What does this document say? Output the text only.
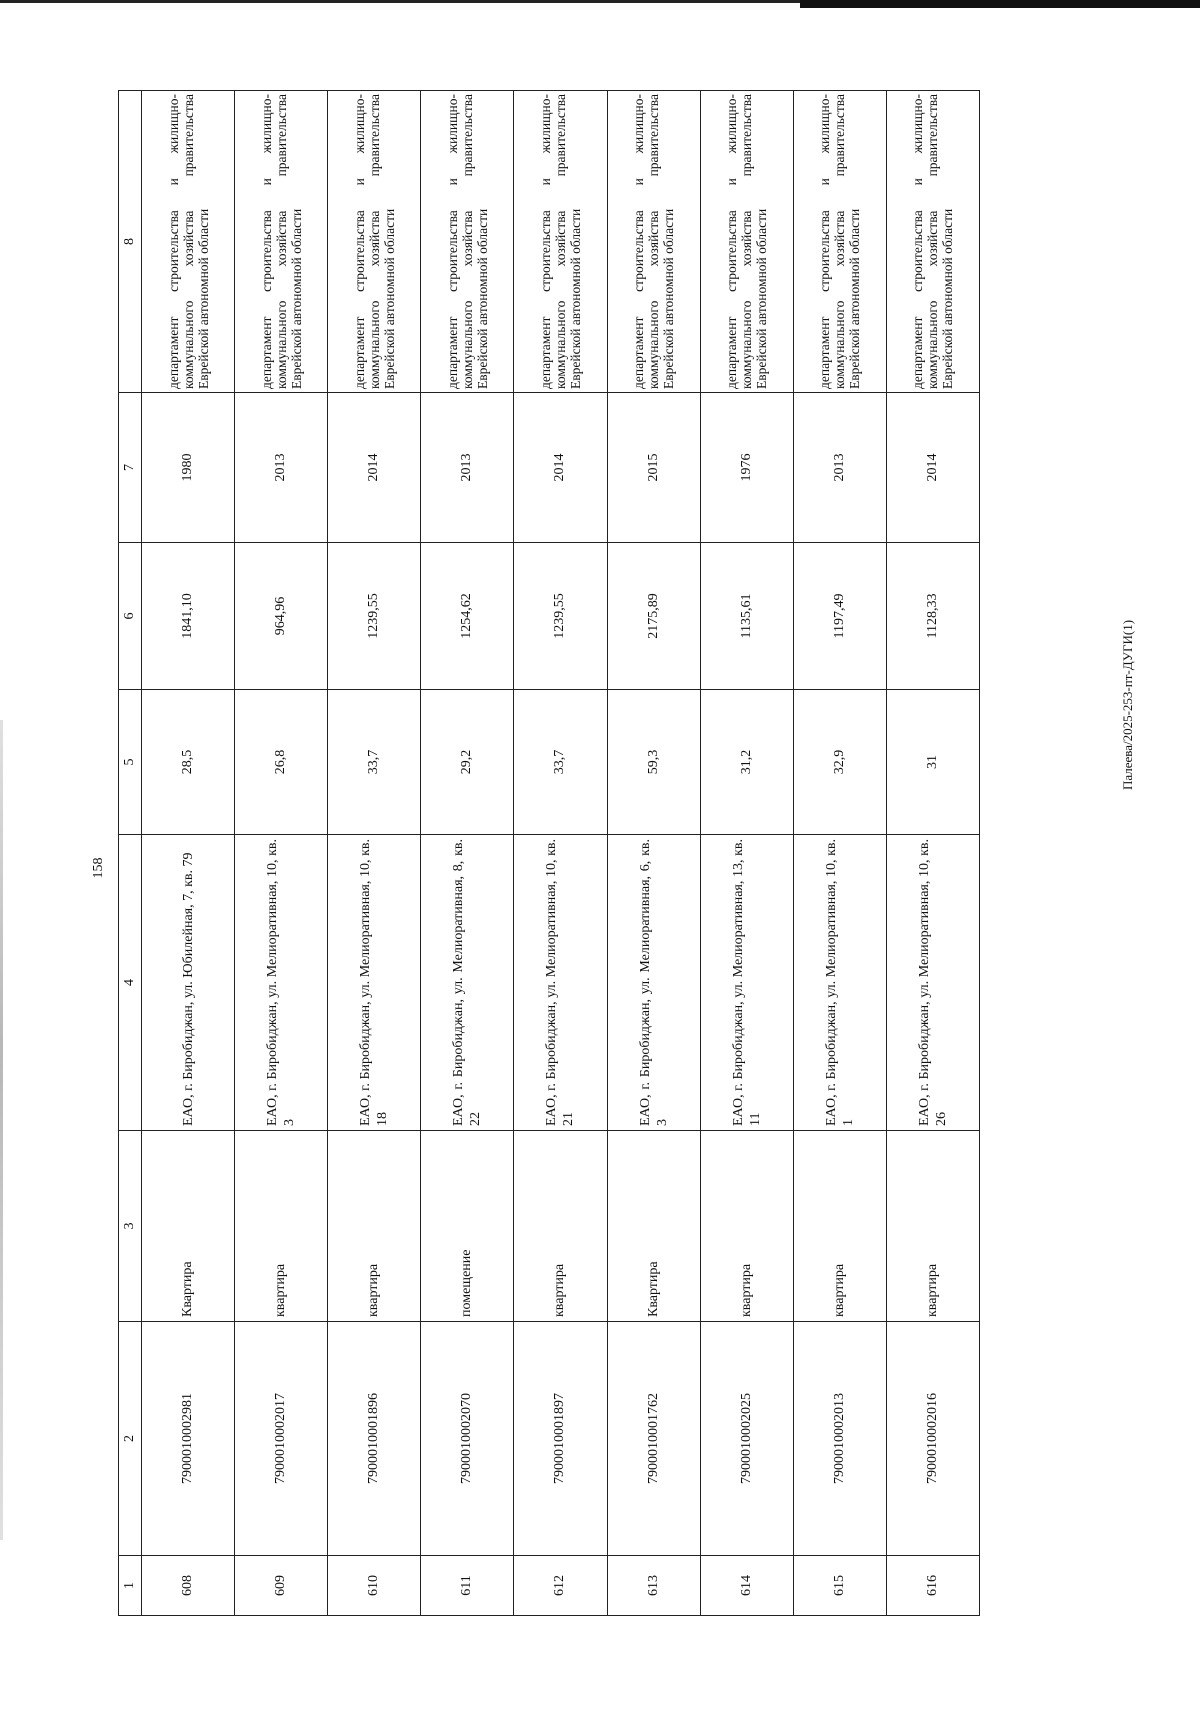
158
Палеева/2025-253-пт-ДУГИ(1)
1	2	3	4	5	6	7	8
608	7900010002981	Квартира	ЕАО, г. Биробиджан, ул. Юбилейная, 7, кв. 79	28,5	1841,10	1980	департамент строительства и жилищно-коммунального хозяйства правительства Еврейской автономной области
609	7900010002017	квартира	ЕАО, г. Биробиджан, ул. Мелиоративная, 10, кв. 3	26,8	964,96	2013	департамент строительства и жилищно-коммунального хозяйства правительства Еврейской автономной области
610	7900010001896	квартира	ЕАО, г. Биробиджан, ул. Мелиоративная, 10, кв. 18	33,7	1239,55	2014	департамент строительства и жилищно-коммунального хозяйства правительства Еврейской автономной области
611	7900010002070	помещение	ЕАО, г. Биробиджан, ул. Мелиоративная, 8, кв. 22	29,2	1254,62	2013	департамент строительства и жилищно-коммунального хозяйства правительства Еврейской автономной области
612	7900010001897	квартира	ЕАО, г. Биробиджан, ул. Мелиоративная, 10, кв. 21	33,7	1239,55	2014	департамент строительства и жилищно-коммунального хозяйства правительства Еврейской автономной области
613	7900010001762	Квартира	ЕАО, г. Биробиджан, ул. Мелиоративная, 6, кв. 3	59,3	2175,89	2015	департамент строительства и жилищно-коммунального хозяйства правительства Еврейской автономной области
614	7900010002025	квартира	ЕАО, г. Биробиджан, ул. Мелиоративная, 13, кв. 11	31,2	1135,61	1976	департамент строительства и жилищно-коммунального хозяйства правительства Еврейской автономной области
615	7900010002013	квартира	ЕАО, г. Биробиджан, ул. Мелиоративная, 10, кв. 1	32,9	1197,49	2013	департамент строительства и жилищно-коммунального хозяйства правительства Еврейской автономной области
616	7900010002016	квартира	ЕАО, г. Биробиджан, ул. Мелиоративная, 10, кв. 26	31	1128,33	2014	департамент строительства и жилищно-коммунального хозяйства правительства Еврейской автономной области
